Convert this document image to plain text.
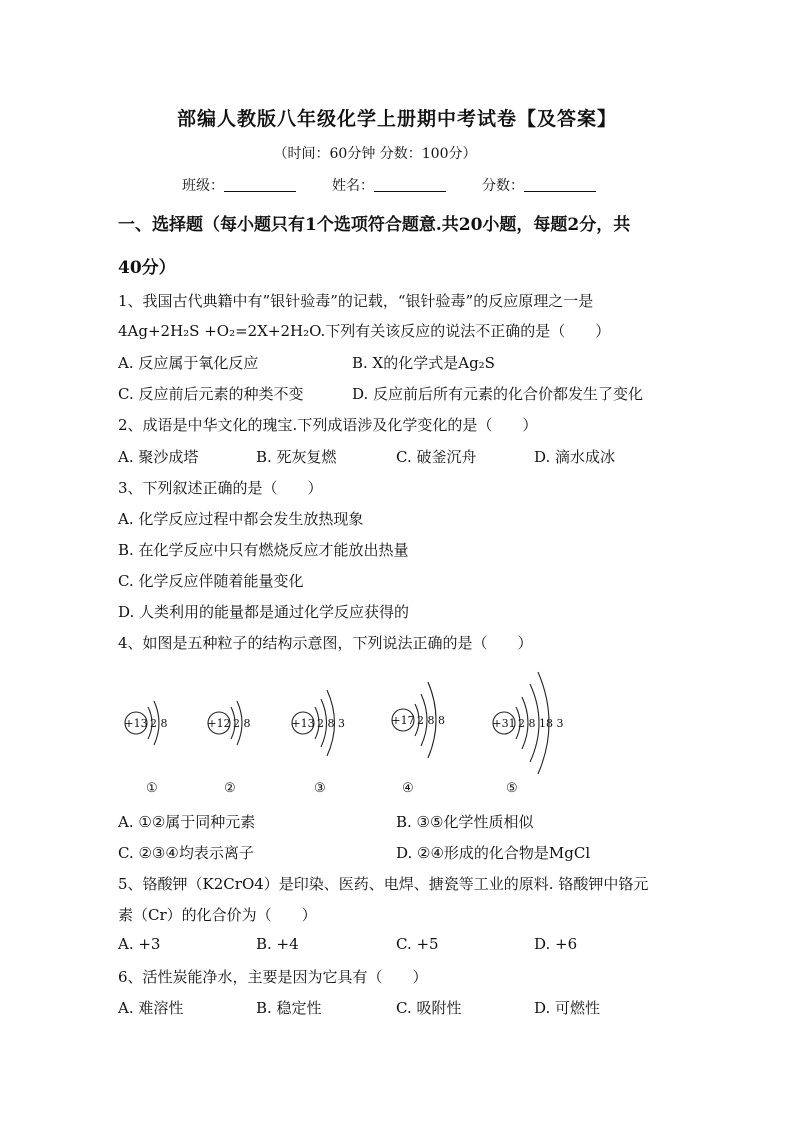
部编人教版八年级化学上册期中考试卷【及答案】
（时间：60分钟 分数：100分）
班级：	姓名：	分数：
一、选择题（每小题只有1个选项符合题意.共20小题，每题2分，共
40分）
1、我国古代典籍中有”银针验毒”的记载，“银针验毒”的反应原理之一是
4Ag+2H₂S +O₂=2X+2H₂O.下列有关该反应的说法不正确的是（　　）
A. 反应属于氧化反应	B. X的化学式是Ag₂S
C. 反应前后元素的种类不变	D. 反应前后所有元素的化合价都发生了变化
2、成语是中华文化的瑰宝.下列成语涉及化学变化的是（　　）
A. 聚沙成塔	B. 死灰复燃	C. 破釜沉舟	D. 滴水成冰
3、下列叙述正确的是（　　）
A. 化学反应过程中都会发生放热现象
B. 在化学反应中只有燃烧反应才能放出热量
C. 化学反应伴随着能量变化
D. 人类利用的能量都是通过化学反应获得的
4、如图是五种粒子的结构示意图，下列说法正确的是（　　）
+13 2 8	+12 2 8	+13 2 8 3	+17 2 8 8	+31 2 8 18 3
①	②	③	④	⑤
A. ①②属于同种元素	B. ③⑤化学性质相似
C. ②③④均表示离子	D. ②④形成的化合物是MgCl
5、铬酸钾（K2CrO4）是印染、医药、电焊、搪瓷等工业的原料. 铬酸钾中铬元
素（Cr）的化合价为（　　）
A. +3	B. +4	C. +5	D. +6
6、活性炭能净水，主要是因为它具有（　　）
A. 难溶性	B. 稳定性	C. 吸附性	D. 可燃性
